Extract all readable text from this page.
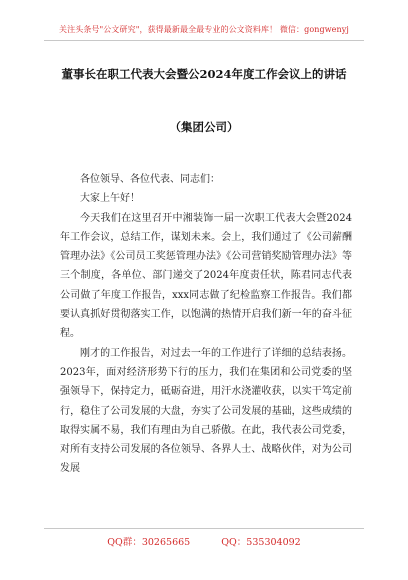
关注头条号"公文研究"，获得最新最全最专业的公文资料库！ 微信：gongwenyj
董事长在职工代表大会暨公2024年度工作会议上的讲话
（集团公司）

各位领导、各位代表、同志们：

大家上午好！

今天我们在这里召开中湘装饰一届一次职工代表大会暨2024年工作会议，总结工作，谋划未来。会上，我们通过了《公司薪酬管理办法》《公司员工奖惩管理办法》《公司营销奖励管理办法》等三个制度，各单位、部门递交了2024年度责任状，陈君同志代表公司做了年度工作报告，xxx同志做了纪检监察工作报告。我们都要认真抓好贯彻落实工作，以饱满的热情开启我们新一年的奋斗征程。

刚才的工作报告，对过去一年的工作进行了详细的总结表扬。2023年，面对经济形势下行的压力，我们在集团和公司党委的坚强领导下，保持定力，砥砺奋进，用汗水浇灌收获，以实干笃定前行，稳住了公司发展的大盘，夯实了公司发展的基础，这些成绩的取得实属不易，我们有理由为自己骄傲。在此，我代表公司党委，对所有支持公司发展的各位领导、各界人士、战略伙伴，对为公司发展

QQ群：30265665	QQ：535304092
